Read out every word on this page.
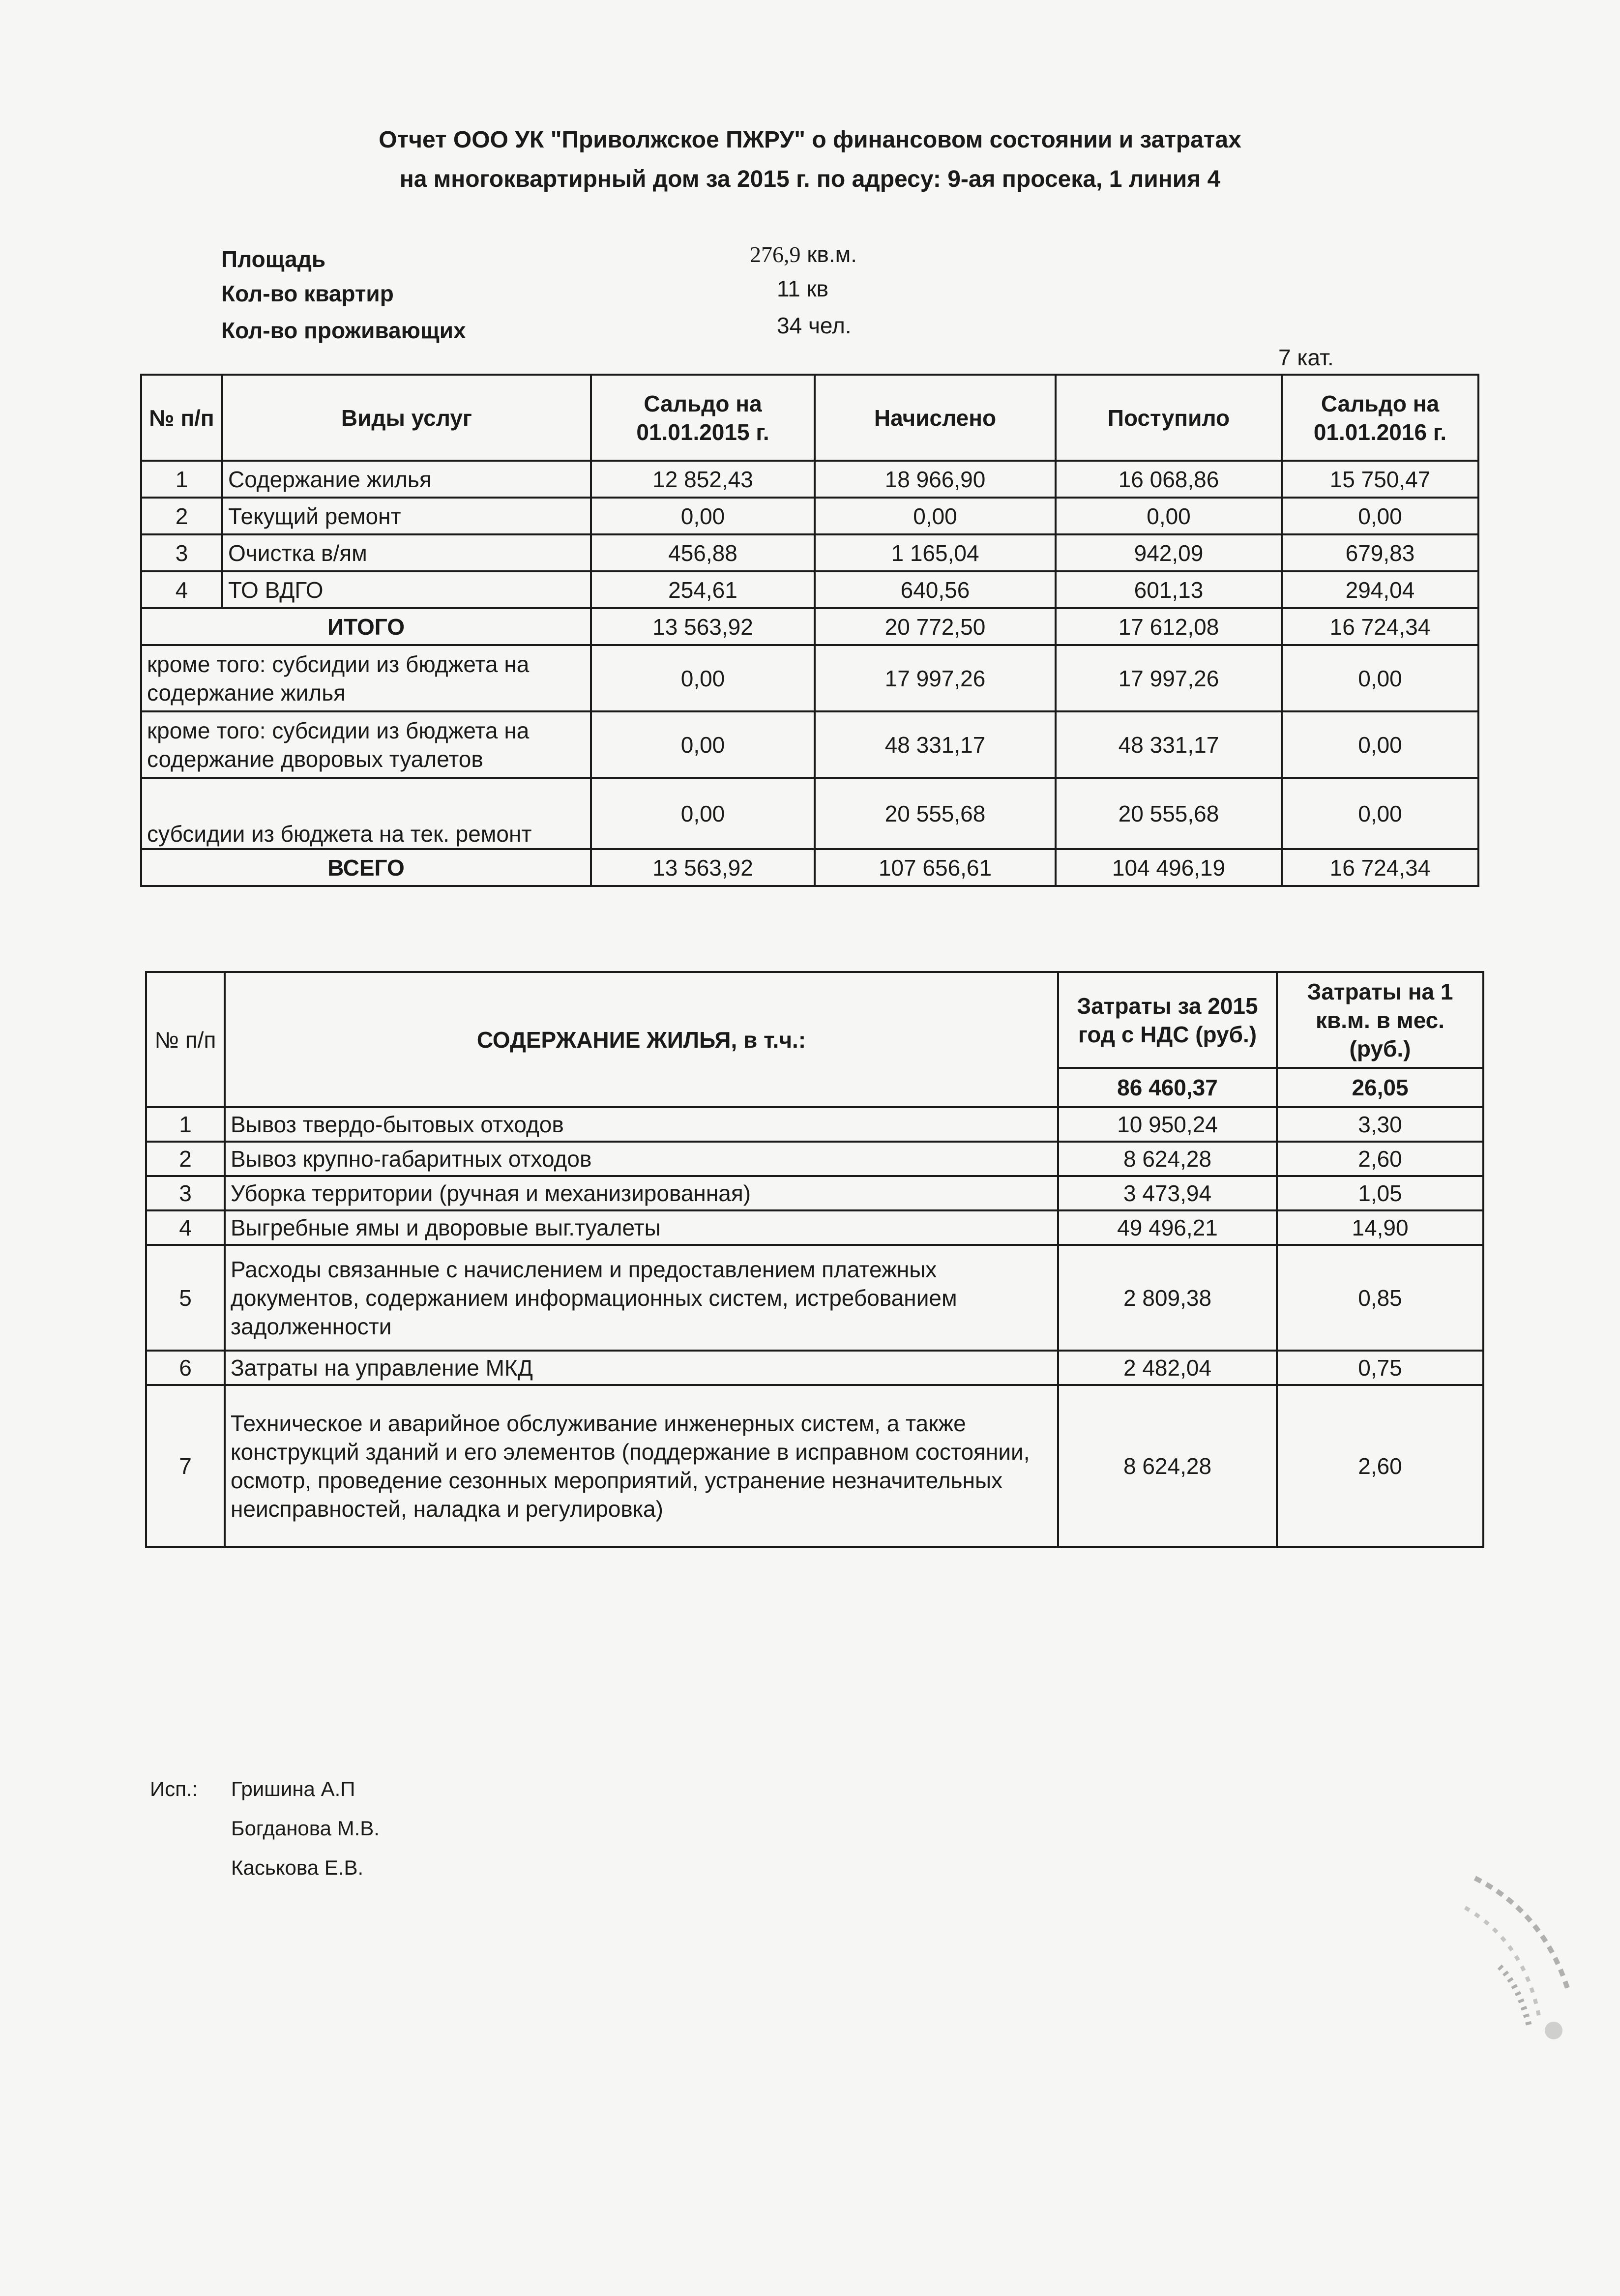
Отчет ООО УК "Приволжское ПЖРУ" о финансовом состоянии и затратах
на многоквартирный дом за 2015 г. по адресу: 9-ая просека, 1 линия 4
Площадь	276,9 кв.м.
Кол-во квартир	11 кв
Кол-во проживающих	34 чел.
7 кат.
№ п/п	Виды услуг	Сальдо на 01.01.2015 г.	Начислено	Поступило	Сальдо на 01.01.2016 г.
1	Содержание жилья	12 852,43	18 966,90	16 068,86	15 750,47
2	Текущий ремонт	0,00	0,00	0,00	0,00
3	Очистка в/ям	456,88	1 165,04	942,09	679,83
4	ТО ВДГО	254,61	640,56	601,13	294,04
ИТОГО		13 563,92	20 772,50	17 612,08	16 724,34
кроме того: субсидии из бюджета на содержание жилья		0,00	17 997,26	17 997,26	0,00
кроме того: субсидии из бюджета на содержание дворовых туалетов		0,00	48 331,17	48 331,17	0,00
субсидии из бюджета на тек. ремонт		0,00	20 555,68	20 555,68	0,00
ВСЕГО		13 563,92	107 656,61	104 496,19	16 724,34
№ п/п	СОДЕРЖАНИЕ ЖИЛЬЯ, в т.ч.:	Затраты за 2015 год с НДС (руб.)	Затраты на 1 кв.м. в мес. (руб.)
		86 460,37	26,05
1	Вывоз твердо-бытовых отходов	10 950,24	3,30
2	Вывоз крупно-габаритных отходов	8 624,28	2,60
3	Уборка территории (ручная и механизированная)	3 473,94	1,05
4	Выгребные ямы и дворовые выг.туалеты	49 496,21	14,90
5	Расходы связанные с начислением и предоставлением платежных документов, содержанием информационных систем, истребованием задолженности	2 809,38	0,85
6	Затраты на управление МКД	2 482,04	0,75
7	Техническое и аварийное обслуживание инженерных систем, а также конструкций зданий и его элементов (поддержание в исправном состоянии, осмотр, проведение сезонных мероприятий, устранение незначительных неисправностей, наладка и регулировка)	8 624,28	2,60
Исп.: Гришина А.П
Богданова М.В.
Каськова Е.В.
